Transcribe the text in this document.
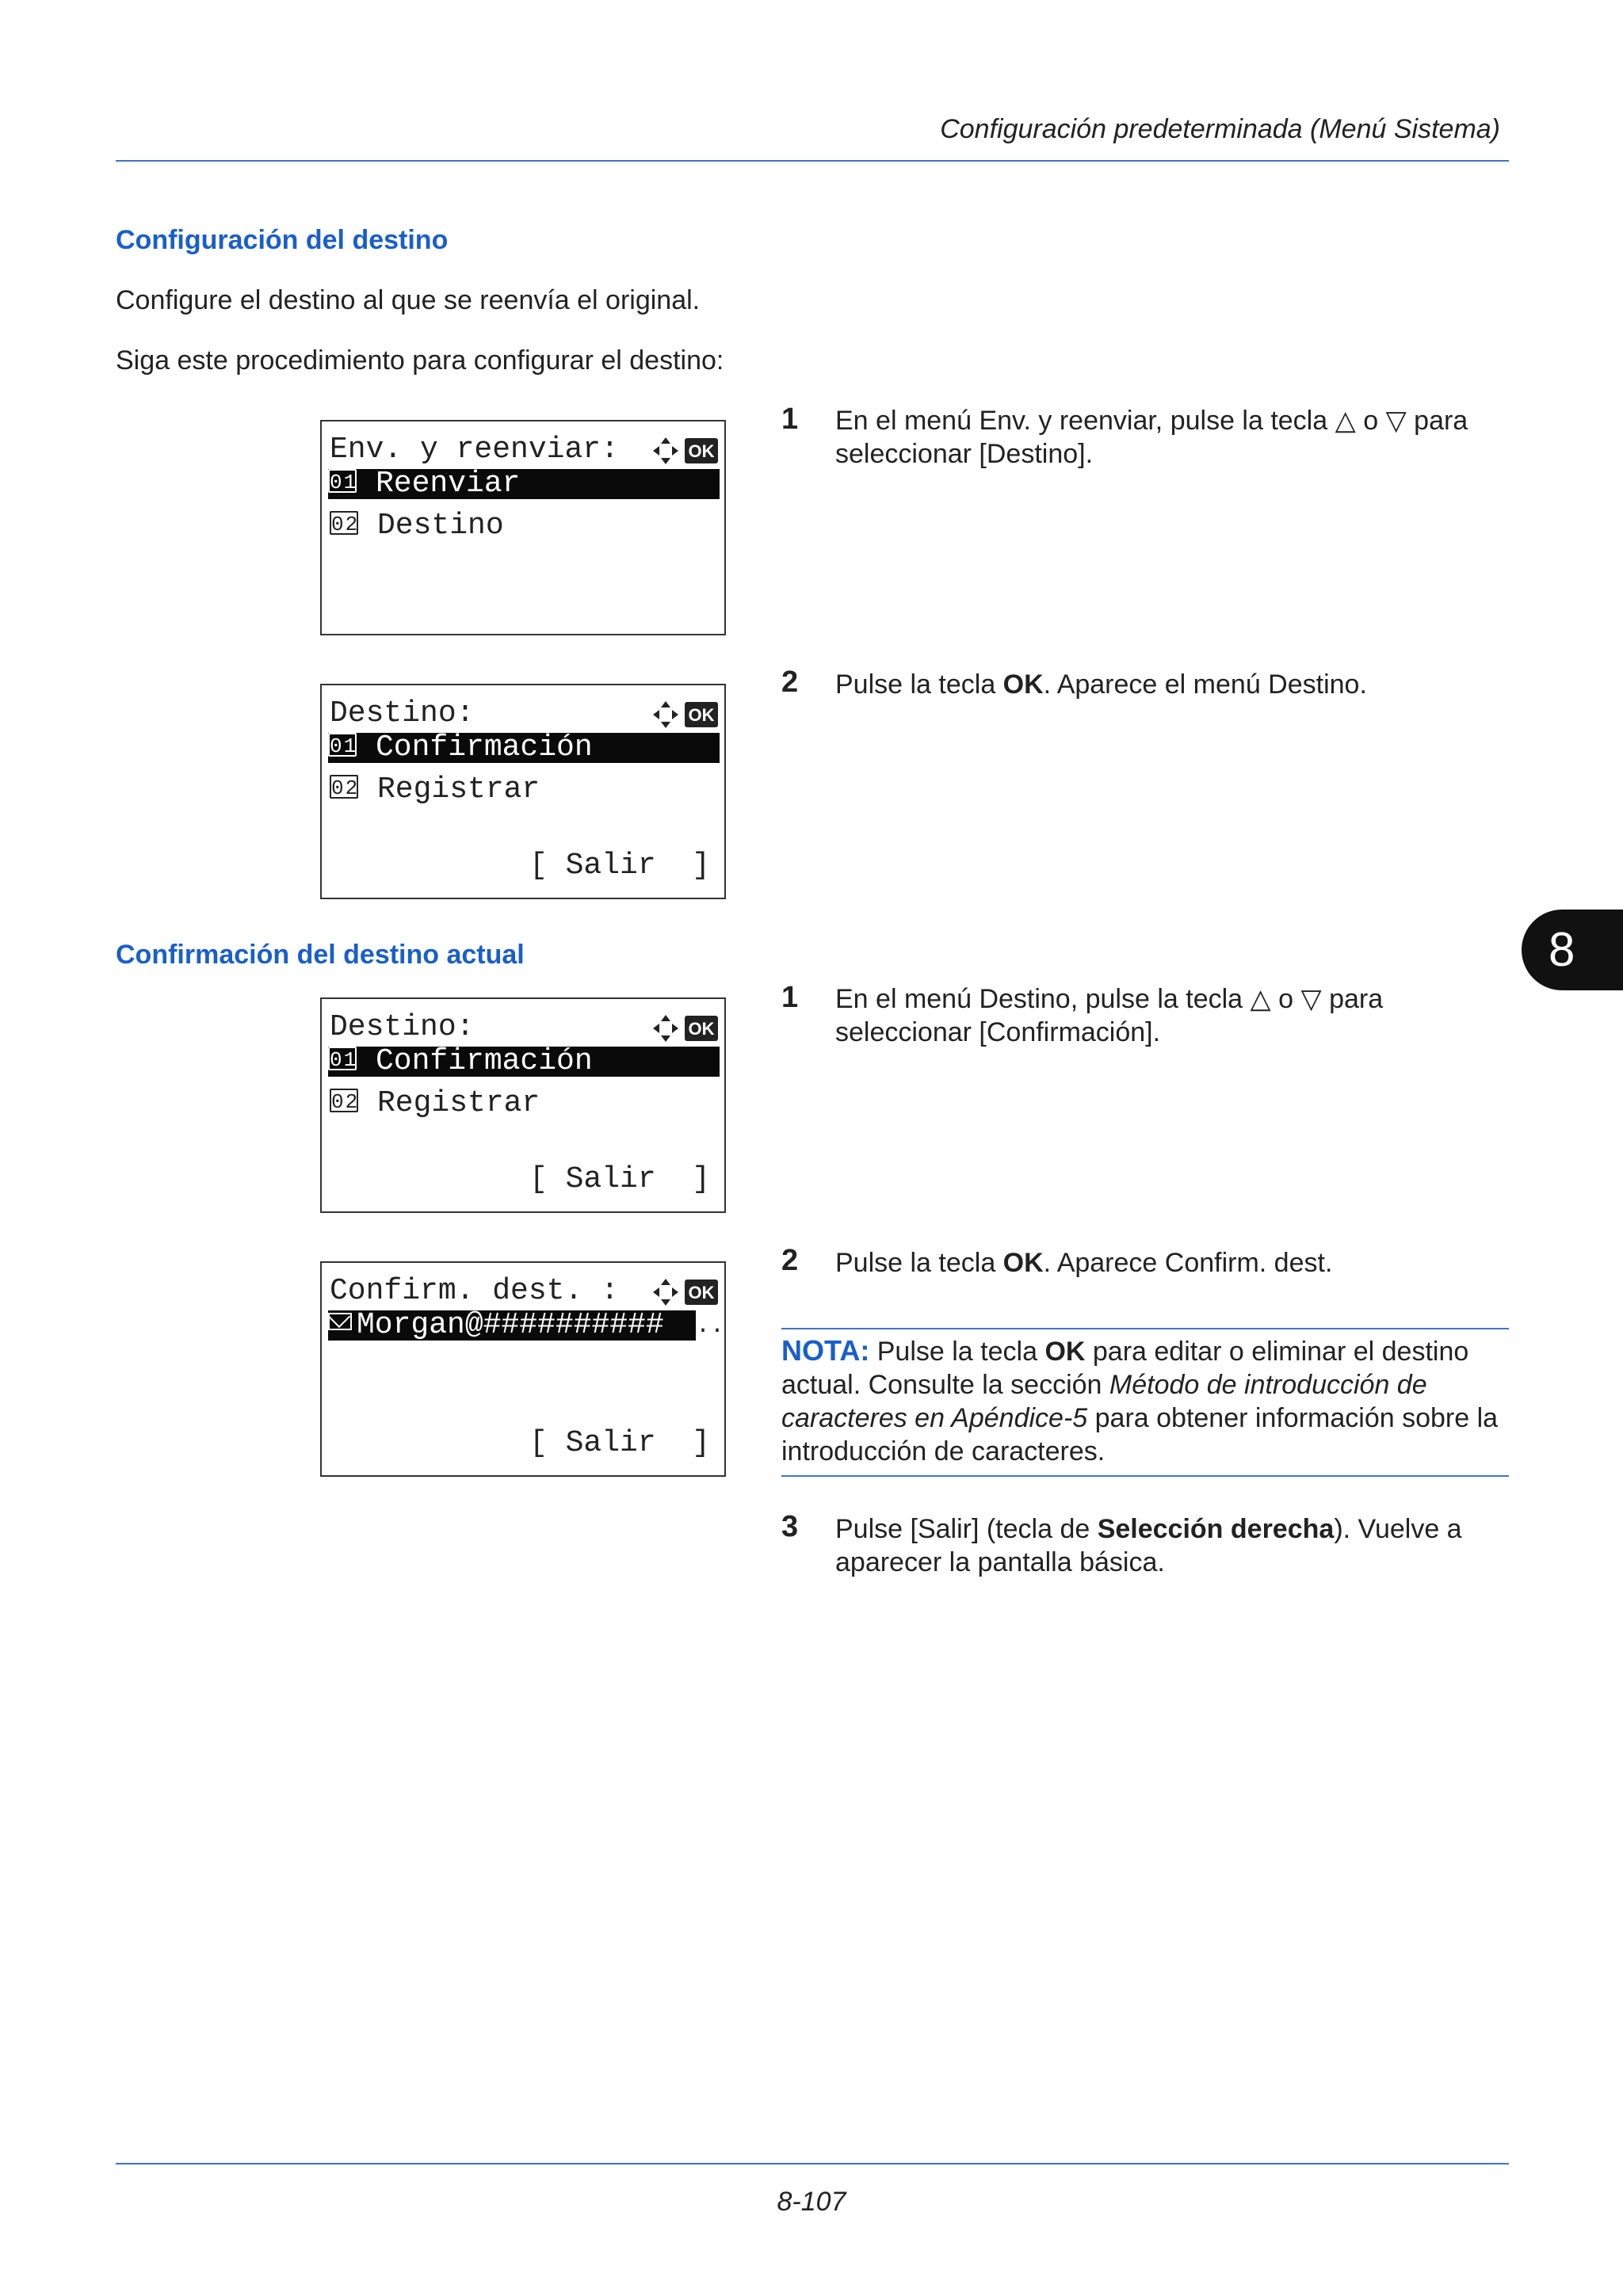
Configuración predeterminada (Menú Sistema)
Configuración del destino
Configure el destino al que se reenvía el original.
Siga este procedimiento para configurar el destino:
Env. y reenviar:	OK
01 Reenviar
02 Destino
1 En el menú Env. y reenviar, pulse la tecla △ o ▽ para
seleccionar [Destino].
Destino:	OK
01 Confirmación
02 Registrar
[ Salir  ]
2 Pulse la tecla OK. Aparece el menú Destino.
Confirmación del destino actual	8
Destino:	OK
01 Confirmación
02 Registrar
[ Salir  ]
1 En el menú Destino, pulse la tecla △ o ▽ para
seleccionar [Confirmación].
Confirm. dest. :	OK
Morgan@##########	..
[ Salir  ]
2 Pulse la tecla OK. Aparece Confirm. dest.
NOTA: Pulse la tecla OK para editar o eliminar el destino actual. Consulte la sección Método de introducción de caracteres en Apéndice-5 para obtener información sobre la introducción de caracteres.
3 Pulse [Salir] (tecla de Selección derecha). Vuelve a
aparecer la pantalla básica.
8-107
